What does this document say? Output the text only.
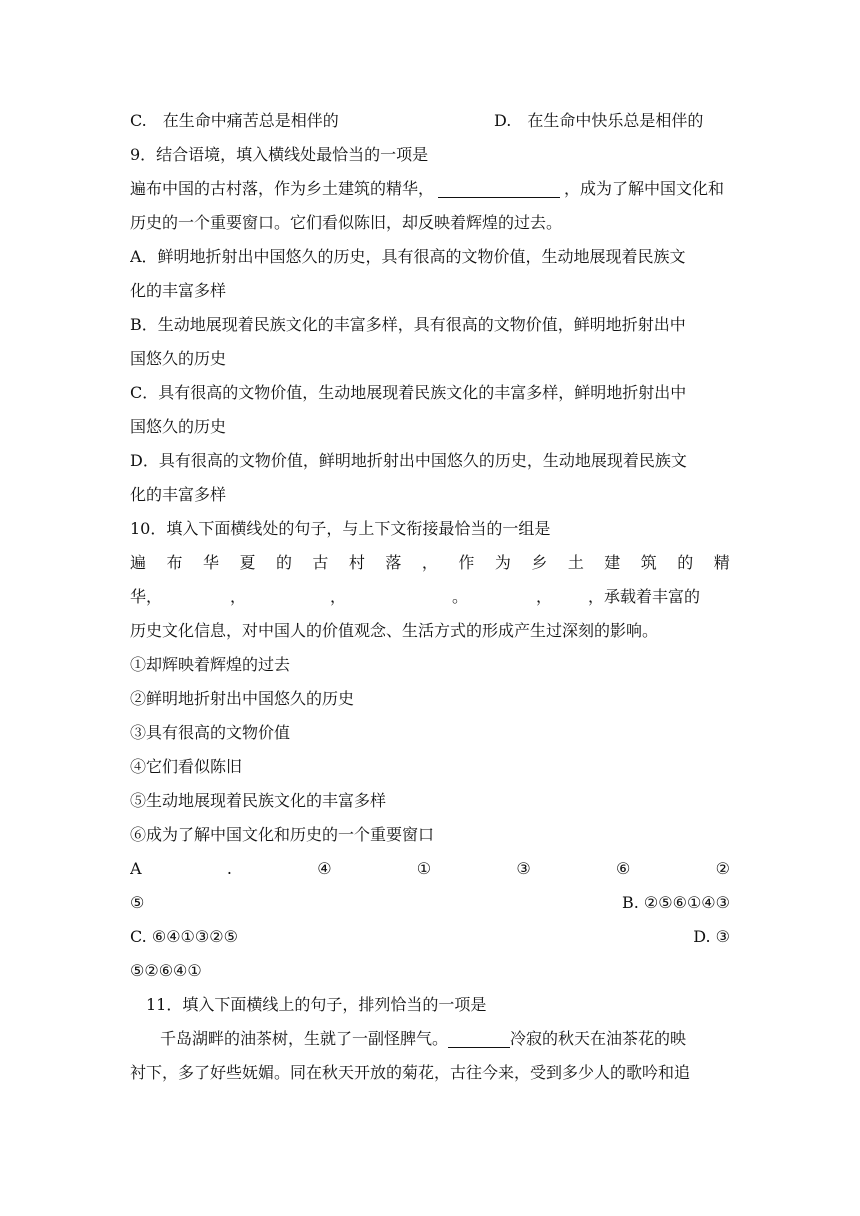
C.　在生命中痛苦总是相伴的	D.　在生命中快乐总是相伴的
9．结合语境，填入横线处最恰当的一项是
遍布中国的古村落，作为乡土建筑的精华，	，成为了解中国文化和
历史的一个重要窗口。它们看似陈旧，却反映着辉煌的过去。
A．鲜明地折射出中国悠久的历史，具有很高的文物价值，生动地展现着民族文
化的丰富多样
B．生动地展现着民族文化的丰富多样，具有很高的文物价值，鲜明地折射出中
国悠久的历史
C．具有很高的文物价值，生动地展现着民族文化的丰富多样，鲜明地折射出中
国悠久的历史
D．具有很高的文物价值，鲜明地折射出中国悠久的历史，生动地展现着民族文
化的丰富多样
10．填入下面横线处的句子，与上下文衔接最恰当的一组是
遍 布 华 夏 的 古 村 落 ， 作 为 乡 土 建 筑 的 精
华，	，	，	。	， ，承载着丰富的
历史文化信息，对中国人的价值观念、生活方式的形成产生过深刻的影响。
①却辉映着辉煌的过去
②鲜明地折射出中国悠久的历史
③具有很高的文物价值
④它们看似陈旧
⑤生动地展现着民族文化的丰富多样
⑥成为了解中国文化和历史的一个重要窗口
A	.	④	①	③	⑥	②
⑤	B. ②⑤⑥①④③
C. ⑥④①③②⑤	D. ③
⑤②⑥④①
11．填入下面横线上的句子，排列恰当的一项是
千岛湖畔的油茶树，生就了一副怪脾气。	冷寂的秋天在油茶花的映
衬下，多了好些妩媚。同在秋天开放的菊花，古往今来，受到多少人的歌吟和追
